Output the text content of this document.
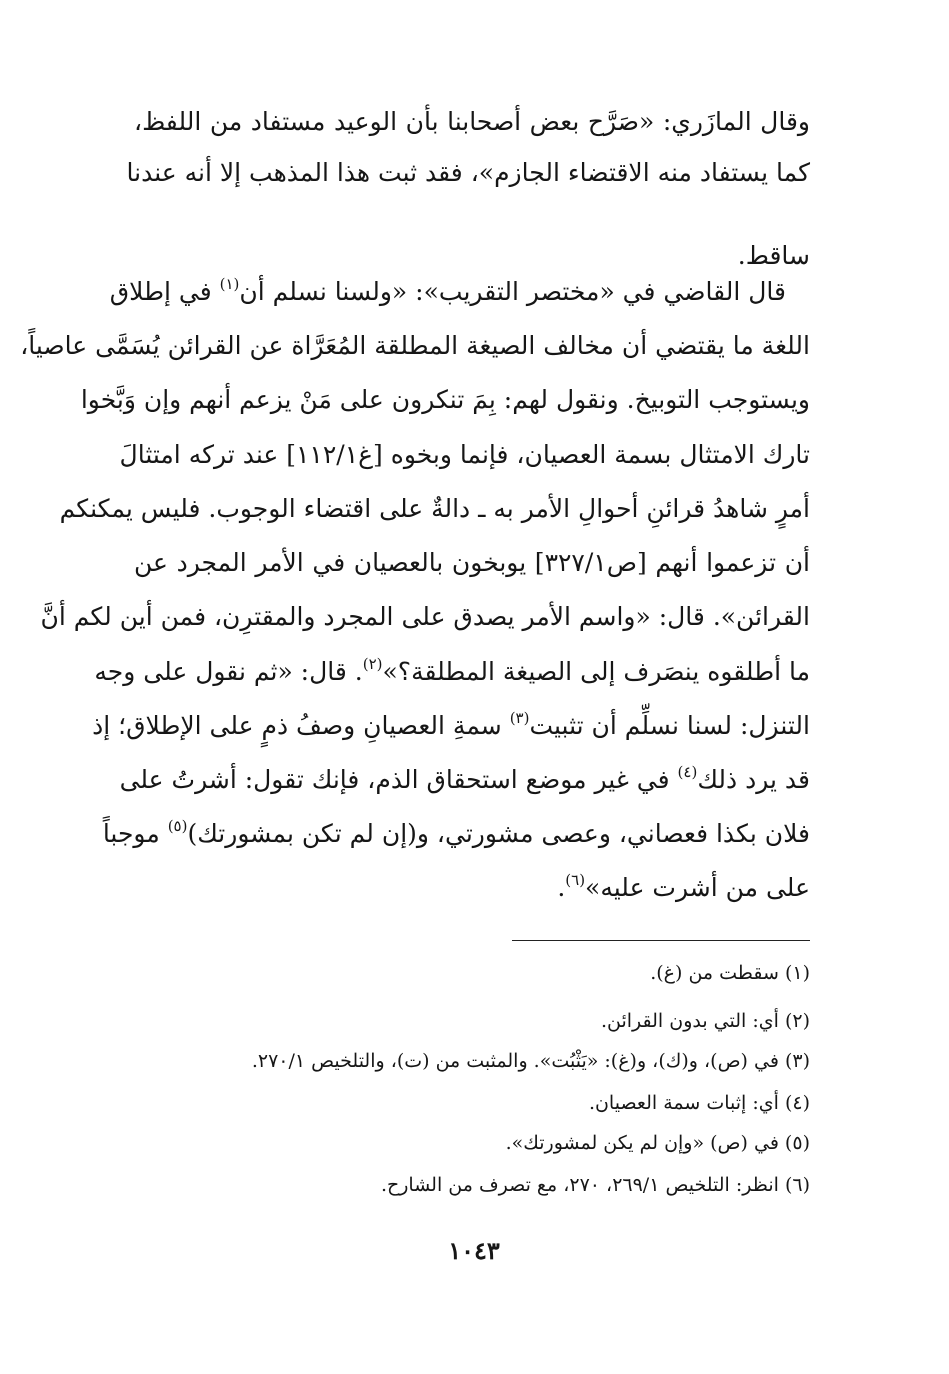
وقال المازَري: «صَرَّح بعض أصحابنا بأن الوعيد مستفاد من اللفظ،
كما يستفاد منه الاقتضاء الجازم»، فقد ثبت هذا المذهب إلا أنه عندنا
ساقط.
قال القاضي في «مختصر التقريب»: «ولسنا نسلم أن$^{(١)}$ في إطلاق
اللغة ما يقتضي أن مخالف الصيغة المطلقة المُعَرَّاة عن القرائن يُسَمَّى عاصياً،
ويستوجب التوبيخ. ونقول لهم: بِمَ تنكرون على مَنْ يزعم أنهم وإن وَبَّخوا
تارك الامتثال بسمة العصيان، فإنما وبخوه [غ١١٢/١] عند تركه امتثالَ
أمرٍ شاهدُ قرائنِ أحوالِ الأمر به ـ دالةٌ على اقتضاء الوجوب. فليس يمكنكم
أن تزعموا أنهم [ص٣٢٧/١] يوبخون بالعصيان في الأمر المجرد عن
القرائن». قال: «واسم الأمر يصدق على المجرد والمقترِن، فمن أين لكم أنَّ
ما أطلقوه ينصَرف إلى الصيغة المطلقة؟»$^{(٢)}$. قال: «ثم نقول على وجه
التنزل: لسنا نسلِّم أن تثبيت$^{(٣)}$ سمةِ العصيانِ وصفُ ذمٍ على الإطلاق؛ إذ
قد يرد ذلك$^{(٤)}$ في غير موضع استحقاق الذم، فإنك تقول: أشرتُ على
فلان بكذا فعصاني، وعصى مشورتي، و(إن لم تكن بمشورتك)$^{(٥)}$ موجباً
على من أشرت عليه»$^{(٦)}$.
(١) سقطت من (غ).
(٢) أي: التي بدون القرائن.
(٣) في (ص)، و(ك)، و(غ): «يَثْبُت». والمثبت من (ت)، والتلخيص ٢٧٠/١.
(٤) أي: إثبات سمة العصيان.
(٥) في (ص) «وإن لم يكن لمشورتك».
(٦) انظر: التلخيص ٢٦٩/١، ٢٧٠، مع تصرف من الشارح.
١٠٤٣
